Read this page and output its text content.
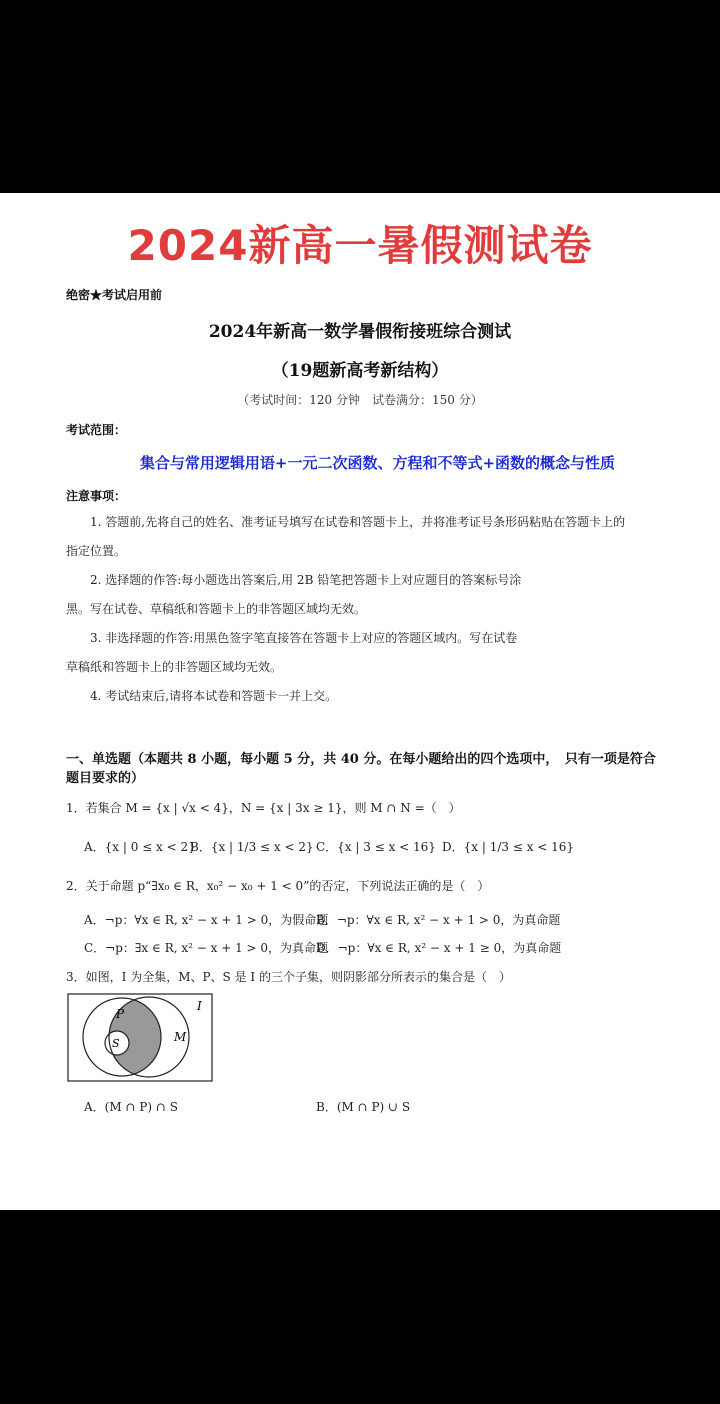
2024新高一暑假测试卷
绝密★考试启用前
2024年新高一数学暑假衔接班综合测试
（19题新高考新结构）
（考试时间：120 分钟　试卷满分：150 分）
考试范围：
集合与常用逻辑用语+一元二次函数、方程和不等式+函数的概念与性质
注意事项：
1. 答题前,先将自己的姓名、准考证号填写在试卷和答题卡上，并将准考证号条形码粘贴在答题卡上的
指定位置。
2. 选择题的作答:每小题选出答案后,用 2B 铅笔把答题卡上对应题目的答案标号涂
黑。写在试卷、草稿纸和答题卡上的非答题区域均无效。
3. 非选择题的作答:用黑色签字笔直接答在答题卡上对应的答题区域内。写在试卷
草稿纸和答题卡上的非答题区域均无效。
4. 考试结束后,请将本试卷和答题卡一并上交。
一、单选题（本题共 8 小题，每小题 5 分，共 40 分。在每小题给出的四个选项中，　只有一项是符合题目要求的）
1．若集合 M = {x | √x < 4}，N = {x | 3x ≥ 1}，则 M ∩ N =（　）
A．{x | 0 ≤ x < 2}
B．{x | 1/3 ≤ x < 2} C．{x | 3 ≤ x < 16} D．{x | 1/3 ≤ x < 16}
2．关于命题 p“∃x₀ ∈ R，x₀² − x₀ + 1 < 0”的否定，下列说法正确的是（　）
A．¬p：∀x ∈ R, x² − x + 1 > 0，为假命题
B．¬p：∀x ∈ R, x² − x + 1 > 0，为真命题
C．¬p：∃x ∈ R, x² − x + 1 > 0，为真命题
D．¬p：∀x ∈ R, x² − x + 1 ≥ 0，为真命题
3．如图，I 为全集，M、P、S 是 I 的三个子集，则阴影部分所表示的集合是（　）
I
P
S	M
A．(M ∩ P) ∩ S	B．(M ∩ P) ∪ S
